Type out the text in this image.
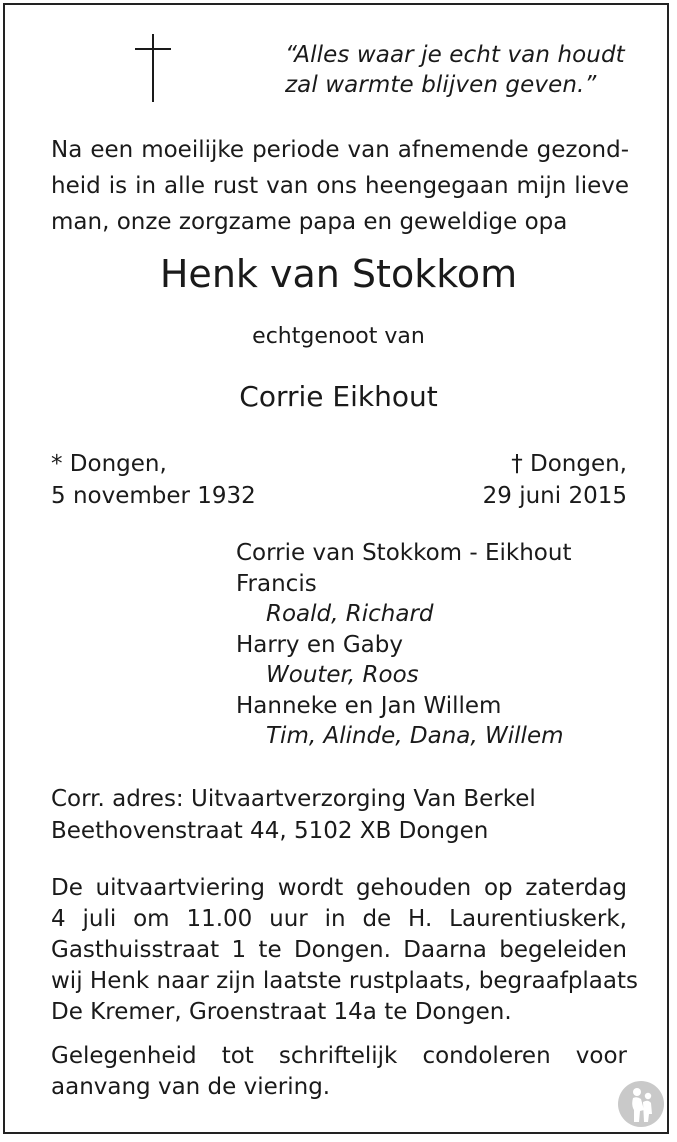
“Alles waar je echt van houdt
zal warmte blijven geven.”
Na een moeilijke periode van afnemende gezond-
heid is in alle rust van ons heengegaan mijn lieve
man, onze zorgzame papa en geweldige opa
Henk van Stokkom
echtgenoot van
Corrie Eikhout
* Dongen,
5 november 1932
† Dongen,
29 juni 2015
Corrie van Stokkom - Eikhout
Francis
Roald, Richard
Harry en Gaby
Wouter, Roos
Hanneke en Jan Willem
Tim, Alinde, Dana, Willem
Corr. adres: Uitvaartverzorging Van Berkel
Beethovenstraat 44, 5102 XB Dongen
De uitvaartviering wordt gehouden op zaterdag
4 juli om 11.00 uur in de H. Laurentiuskerk,
Gasthuisstraat 1 te Dongen. Daarna begeleiden
wij Henk naar zijn laatste rustplaats, begraafplaats
De Kremer, Groenstraat 14a te Dongen.
Gelegenheid tot schriftelijk condoleren voor
aanvang van de viering.
